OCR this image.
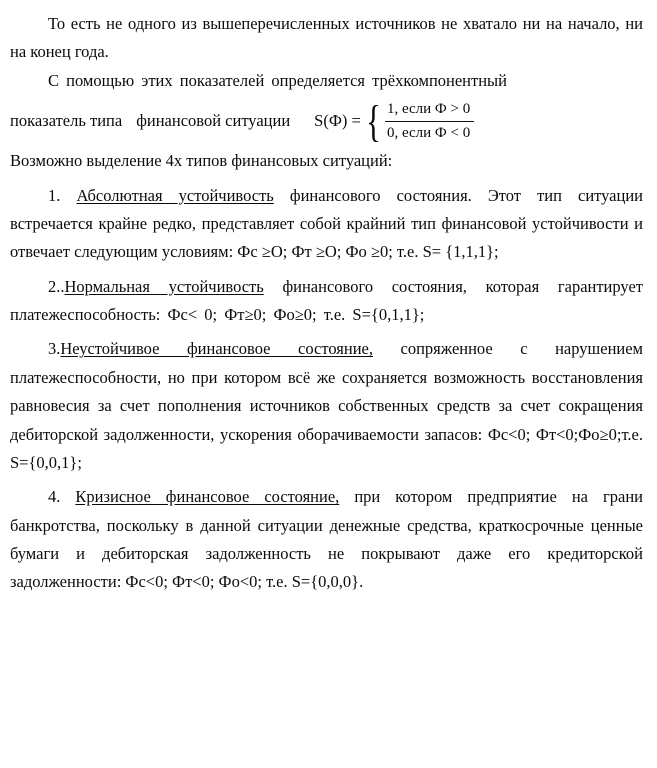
То есть не одного из вышеперечисленных источников не хватало ни на начало, ни на конец года.

С помощью этих показателей определяется трёхкомпонентный

показатель типа финансовой ситуации	S(Ф) = { 1, если Ф > 0
0, если Ф < 0

Возможно выделение 4х типов финансовых ситуаций:

1. Абсолютная устойчивость финансового состояния. Этот тип ситуации встречается крайне редко, представляет собой крайний тип финансовой устойчивости и отвечает следующим условиям: Фс ≥О; Фт ≥О; Фо ≥0; т.е. S= {1,1,1};

2..Нормальная устойчивость финансового состояния, которая гарантирует платежеспособность: Фс< 0; Фт≥0; Фо≥0; т.е. S={0,1,1};

3.Неустойчивое финансовое состояние, сопряженное с нарушением платежеспособности, но при котором всё же сохраняется возможность восстановления равновесия за счет пополнения источников собственных средств за счет сокращения дебиторской задолженности, ускорения оборачиваемости запасов: Фс<0; Фт<0;Фо≥0;т.е. S={0,0,1};

4. Кризисное финансовое состояние, при котором предприятие на грани банкротства, поскольку в данной ситуации денежные средства, краткосрочные ценные бумаги и дебиторская задолженность не покрывают даже его кредиторской задолженности: Фс<0; Фт<0; Фо<0; т.е. S={0,0,0}.
